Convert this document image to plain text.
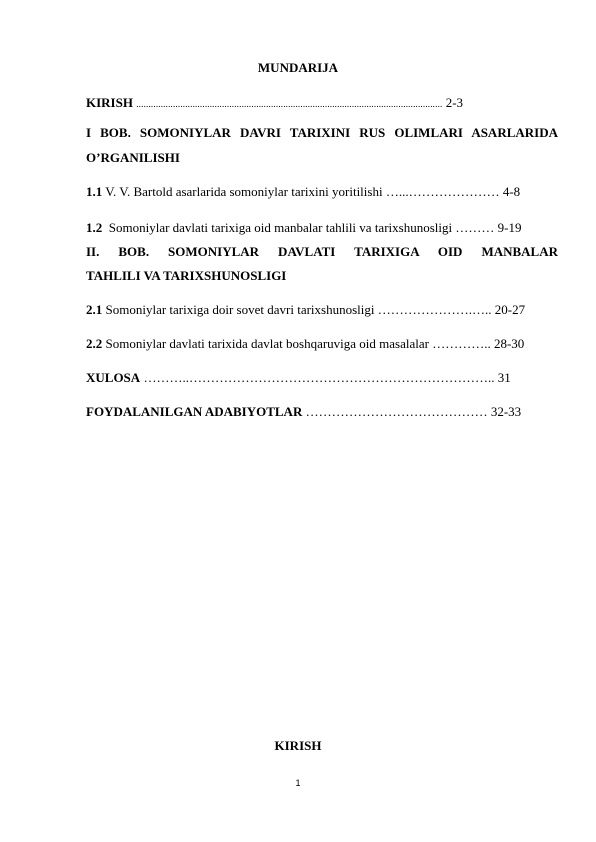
MUNDARIJA
KIRISH ............................................................................................................................. 2-3
I BOB. SOMONIYLAR DAVRI TARIXINI RUS OLIMLARI ASARLARIDA
O’RGANILISHI
1.1 V. V. Bartold asarlarida somoniylar tarixini yoritilishi …...………………… 4-8
1.2 Somoniylar davlati tarixiga oid manbalar tahlili va tarixshunosligi ……… 9-19
II. BOB. SOMONIYLAR DAVLATI TARIXIGA OID MANBALAR
TAHLILI VA TARIXSHUNOSLIGI
2.1 Somoniylar tarixiga doir sovet davri tarixshunosligi ………………….….. 20-27
2.2 Somoniylar davlati tarixida davlat boshqaruviga oid masalalar ………….. 28-30
XULOSA ………..…………………………………………………………….. 31
FOYDALANILGAN ADABIYOTLAR …………………………………… 32-33
KIRISH
1
